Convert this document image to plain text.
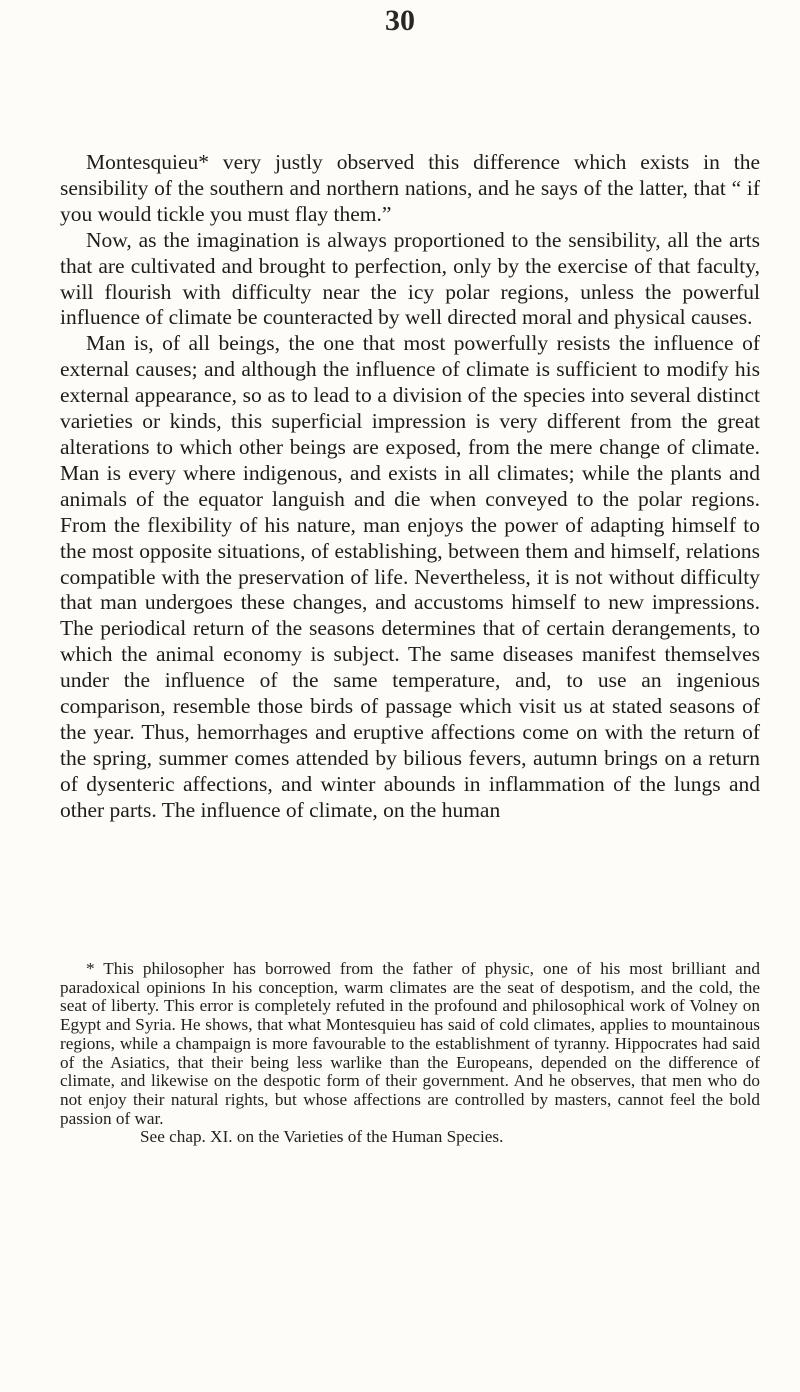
30

Montesquieu* very justly observed this difference which exists in the sensibility of the southern and northern nations, and he says of the latter, that “ if you would tickle you must flay them.”

Now, as the imagination is always proportioned to the sensibility, all the arts that are cultivated and brought to perfection, only by the exercise of that faculty, will flourish with difficulty near the icy polar regions, unless the powerful influence of climate be counteracted by well directed moral and physical causes.

Man is, of all beings, the one that most powerfully resists the influence of external causes; and although the influence of climate is sufficient to modify his external appearance, so as to lead to a division of the species into several distinct varieties or kinds, this superficial impression is very different from the great alterations to which other beings are exposed, from the mere change of climate. Man is every where indigenous, and exists in all climates; while the plants and animals of the equator languish and die when conveyed to the polar regions. From the flexibility of his nature, man enjoys the power of adapting himself to the most opposite situations, of establishing, between them and himself, relations compatible with the preservation of life. Nevertheless, it is not without difficulty that man undergoes these changes, and accustoms himself to new impressions. The periodical return of the seasons determines that of certain derangements, to which the animal economy is subject. The same diseases manifest themselves under the influence of the same temperature, and, to use an ingenious comparison, resemble those birds of passage which visit us at stated seasons of the year. Thus, hemorrhages and eruptive affections come on with the return of the spring, summer comes attended by bilious fevers, autumn brings on a return of dysenteric affections, and winter abounds in inflammation of the lungs and other parts. The influence of climate, on the human

* This philosopher has borrowed from the father of physic, one of his most brilliant and paradoxical opinions In his conception, warm climates are the seat of despotism, and the cold, the seat of liberty. This error is completely refuted in the profound and philosophical work of Volney on Egypt and Syria. He shows, that what Montesquieu has said of cold climates, applies to mountainous regions, while a champaign is more favourable to the establishment of tyranny. Hippocrates had said of the Asiatics, that their being less warlike than the Europeans, depended on the difference of climate, and likewise on the despotic form of their government. And he observes, that men who do not enjoy their natural rights, but whose affections are controlled by masters, cannot feel the bold passion of war.

See chap. XI. on the Varieties of the Human Species.
